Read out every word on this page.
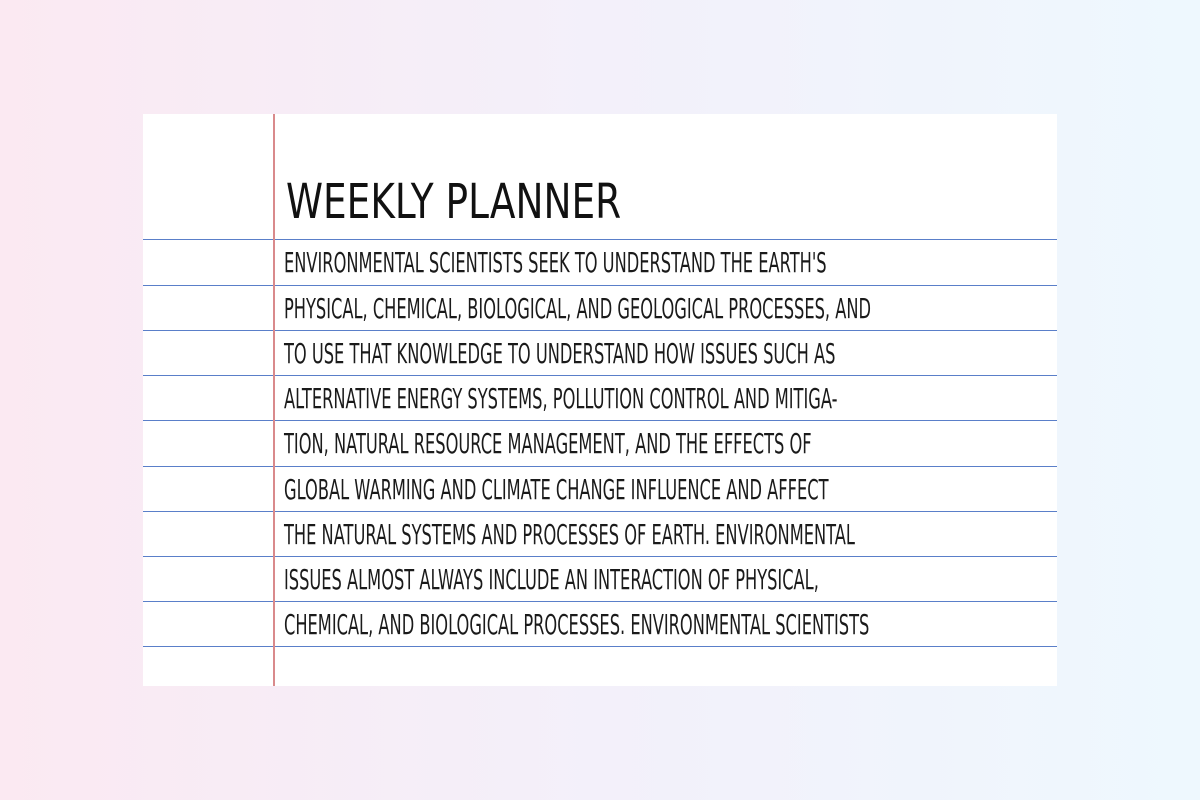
WEEKLY PLANNER

ENVIRONMENTAL SCIENTISTS SEEK TO UNDERSTAND THE EARTH'S

PHYSICAL, CHEMICAL, BIOLOGICAL, AND GEOLOGICAL PROCESSES, AND

TO USE THAT KNOWLEDGE TO UNDERSTAND HOW ISSUES SUCH AS

ALTERNATIVE ENERGY SYSTEMS, POLLUTION CONTROL AND MITIGA-

TION, NATURAL RESOURCE MANAGEMENT, AND THE EFFECTS OF

GLOBAL WARMING AND CLIMATE CHANGE INFLUENCE AND AFFECT

THE NATURAL SYSTEMS AND PROCESSES OF EARTH. ENVIRONMENTAL

ISSUES ALMOST ALWAYS INCLUDE AN INTERACTION OF PHYSICAL,

CHEMICAL, AND BIOLOGICAL PROCESSES. ENVIRONMENTAL SCIENTISTS
